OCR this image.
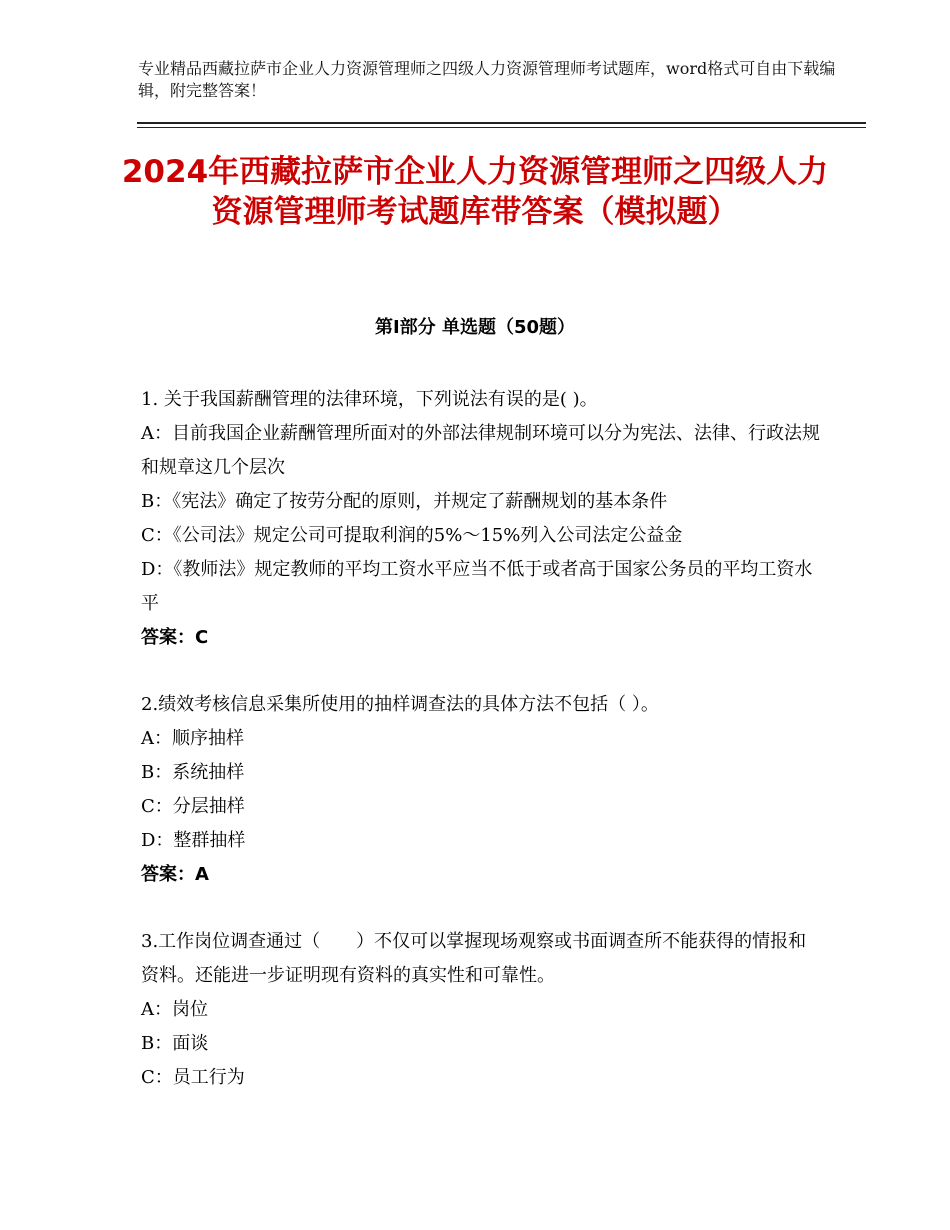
专业精品西藏拉萨市企业人力资源管理师之四级人力资源管理师考试题库，word格式可自由下载编辑，附完整答案！
2024年西藏拉萨市企业人力资源管理师之四级人力资源管理师考试题库带答案（模拟题）
第Ⅰ部分 单选题（50题）

1. 关于我国薪酬管理的法律环境，下列说法有误的是( )。

A：目前我国企业薪酬管理所面对的外部法律规制环境可以分为宪法、法律、行政法规和规章这几个层次

B：《宪法》确定了按劳分配的原则，并规定了薪酬规划的基本条件

C：《公司法》规定公司可提取利润的5%～15%列入公司法定公益金

D：《教师法》规定教师的平均工资水平应当不低于或者高于国家公务员的平均工资水平

答案：C

2.绩效考核信息采集所使用的抽样调查法的具体方法不包括（ ）。

A：顺序抽样

B：系统抽样

C：分层抽样

D：整群抽样

答案：A

3.工作岗位调查通过（　　）不仅可以掌握现场观察或书面调查所不能获得的情报和资料。还能进一步证明现有资料的真实性和可靠性。

A：岗位

B：面谈

C：员工行为
